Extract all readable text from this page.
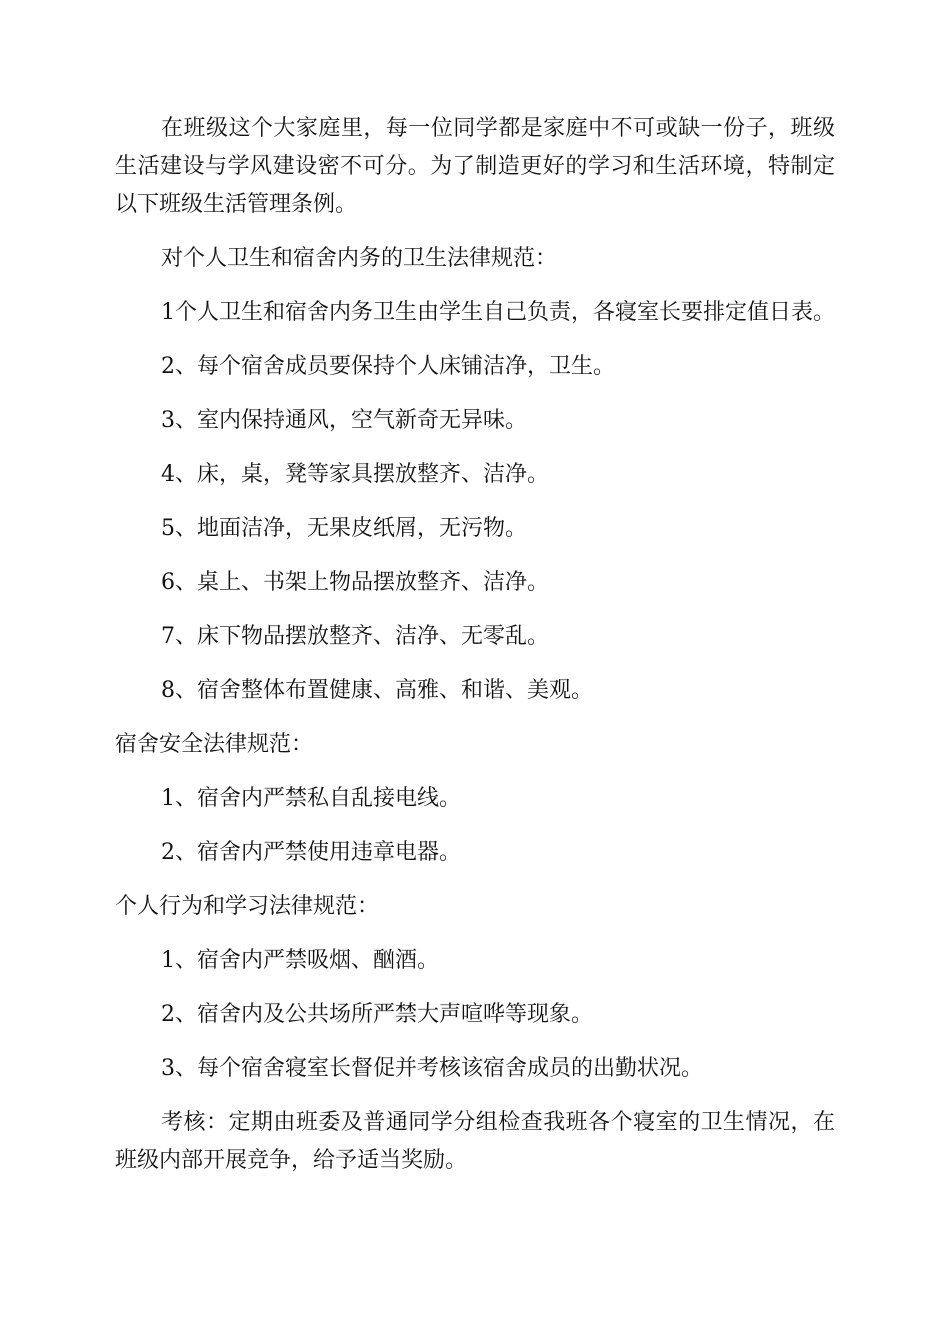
在班级这个大家庭里，每一位同学都是家庭中不可或缺一份子，班级生活建设与学风建设密不可分。为了制造更好的学习和生活环境，特制定以下班级生活管理条例。

对个人卫生和宿舍内务的卫生法律规范：

1个人卫生和宿舍内务卫生由学生自己负责，各寝室长要排定值日表。

2、每个宿舍成员要保持个人床铺洁净，卫生。

3、室内保持通风，空气新奇无异味。

4、床，桌，凳等家具摆放整齐、洁净。

5、地面洁净，无果皮纸屑，无污物。

6、桌上、书架上物品摆放整齐、洁净。

7、床下物品摆放整齐、洁净、无零乱。

8、宿舍整体布置健康、高雅、和谐、美观。

宿舍安全法律规范：

1、宿舍内严禁私自乱接电线。

2、宿舍内严禁使用违章电器。

个人行为和学习法律规范：

1、宿舍内严禁吸烟、酗酒。

2、宿舍内及公共场所严禁大声喧哗等现象。

3、每个宿舍寝室长督促并考核该宿舍成员的出勤状况。

考核：定期由班委及普通同学分组检查我班各个寝室的卫生情况，在班级内部开展竞争，给予适当奖励。
